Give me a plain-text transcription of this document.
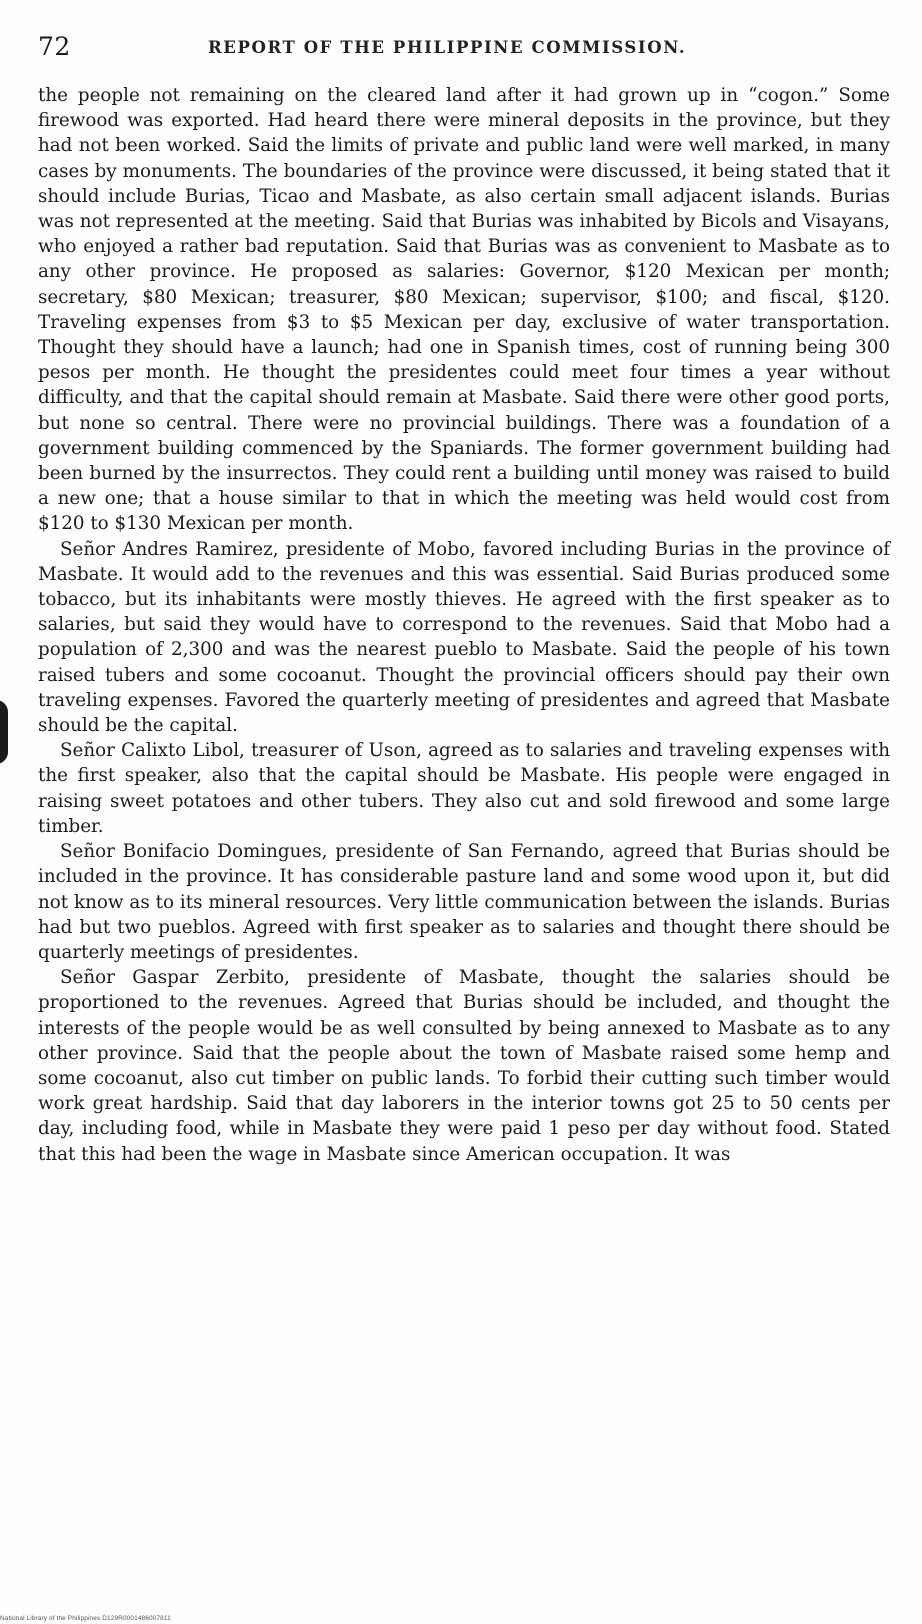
72	REPORT OF THE PHILIPPINE COMMISSION.

the people not remaining on the cleared land after it had grown up in “cogon.” Some firewood was exported. Had heard there were mineral deposits in the province, but they had not been worked. Said the limits of private and public land were well marked, in many cases by monuments. The boundaries of the province were discussed, it being stated that it should include Burias, Ticao and Masbate, as also certain small adjacent islands. Burias was not represented at the meeting. Said that Burias was inhabited by Bicols and Visayans, who enjoyed a rather bad reputation. Said that Burias was as convenient to Masbate as to any other province. He proposed as salaries: Governor, $120 Mexican per month; secretary, $80 Mexican; treasurer, $80 Mexican; supervisor, $100; and fiscal, $120. Traveling expenses from $3 to $5 Mexican per day, exclusive of water transportation. Thought they should have a launch; had one in Spanish times, cost of running being 300 pesos per month. He thought the presidentes could meet four times a year without difficulty, and that the capital should remain at Masbate. Said there were other good ports, but none so central. There were no provincial buildings. There was a foundation of a government building commenced by the Spaniards. The former government building had been burned by the insurrectos. They could rent a building until money was raised to build a new one; that a house similar to that in which the meeting was held would cost from $120 to $130 Mexican per month.

Señor Andres Ramirez, presidente of Mobo, favored including Burias in the province of Masbate. It would add to the revenues and this was essential. Said Burias produced some tobacco, but its inhabitants were mostly thieves. He agreed with the first speaker as to salaries, but said they would have to correspond to the revenues. Said that Mobo had a population of 2,300 and was the nearest pueblo to Masbate. Said the people of his town raised tubers and some cocoanut. Thought the provincial officers should pay their own traveling expenses. Favored the quarterly meeting of presidentes and agreed that Masbate should be the capital.

Señor Calixto Libol, treasurer of Uson, agreed as to salaries and traveling expenses with the first speaker, also that the capital should be Masbate. His people were engaged in raising sweet potatoes and other tubers. They also cut and sold firewood and some large timber.

Señor Bonifacio Domingues, presidente of San Fernando, agreed that Burias should be included in the province. It has considerable pasture land and some wood upon it, but did not know as to its mineral resources. Very little communication between the islands. Burias had but two pueblos. Agreed with first speaker as to salaries and thought there should be quarterly meetings of presidentes.

Señor Gaspar Zerbito, presidente of Masbate, thought the salaries should be proportioned to the revenues. Agreed that Burias should be included, and thought the interests of the people would be as well consulted by being annexed to Masbate as to any other province. Said that the people about the town of Masbate raised some hemp and some cocoanut, also cut timber on public lands. To forbid their cutting such timber would work great hardship. Said that day laborers in the interior towns got 25 to 50 cents per day, including food, while in Masbate they were paid 1 peso per day without food. Stated that this had been the wage in Masbate since American occupation. It was

National Library of the Philippines D129R0001486007811
